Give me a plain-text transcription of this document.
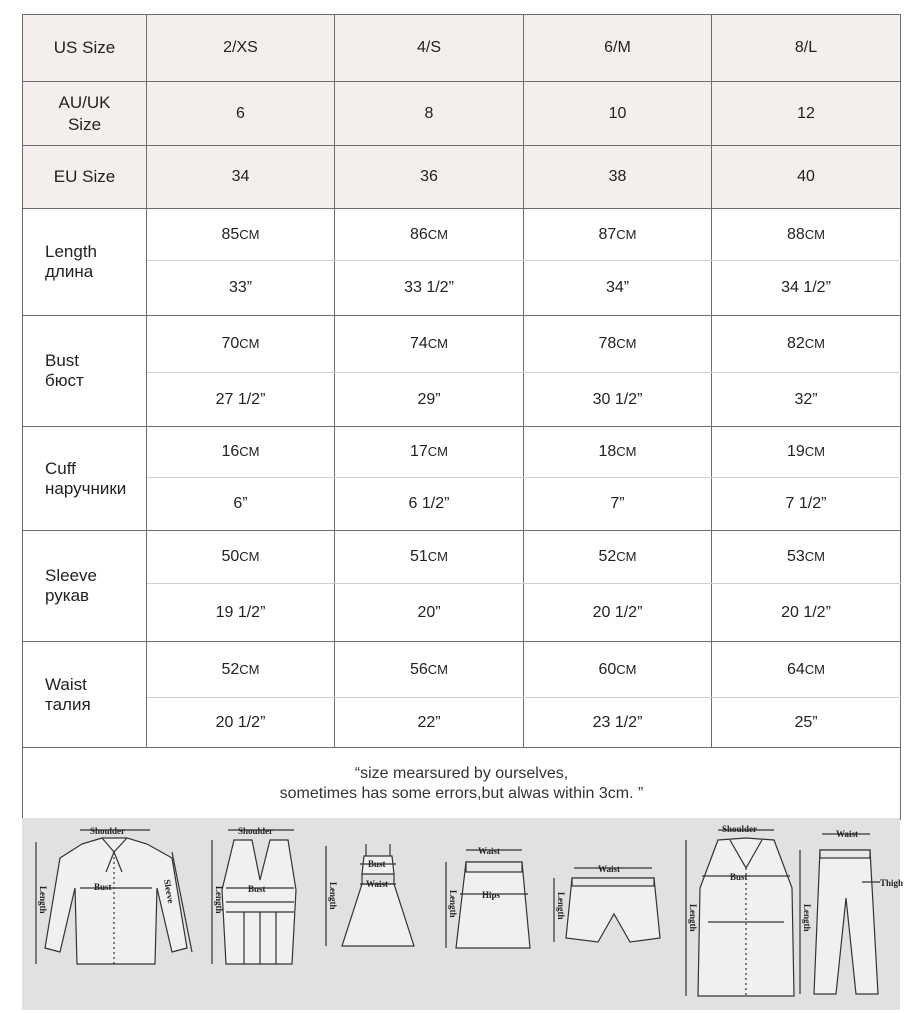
US Size	2/XS	4/S	6/M	8/L
AU/UK Size	6	8	10	12
EU Size	34	36	38	40

Length
длина	85CM	86CM	87CM	88CM
	33”	33 1/2”	34”	34 1/2”

Bust
бюст	70CM	74CM	78CM	82CM
	27 1/2”	29”	30 1/2”	32”

Cuff
наручники	16CM	17CM	18CM	19CM
	6”	6 1/2”	7”	7 1/2”

Sleeve
рукав	50CM	51CM	52CM	53CM
	19 1/2”	20”	20 1/2”	20 1/2”

Waist
талия	52CM	56CM	60CM	64CM
	20 1/2”	22”	23 1/2”	25”

“size mearsured by ourselves,
sometimes has some errors,but alwas within 3cm. ”				
Shoulder
Bust	Sleeve
Length
Shoulder
Bust
Length
Bust
Waist
Length
Waist
Hips
Length
Waist
Length
Shoulder
Bust
Length
Waist
Thigh
Length
